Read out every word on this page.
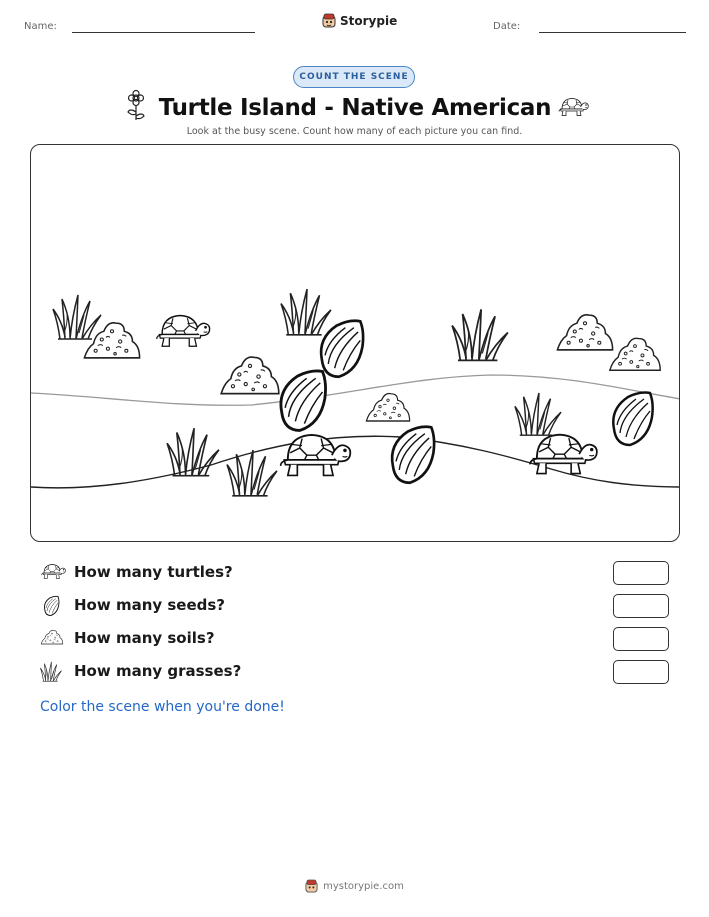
Name:	Storypie	Date:
COUNT THE SCENE
Turtle Island - Native American
Look at the busy scene. Count how many of each picture you can find.
How many turtles?
How many seeds?
How many soils?
How many grasses?
Color the scene when you're done!
mystorypie.com
